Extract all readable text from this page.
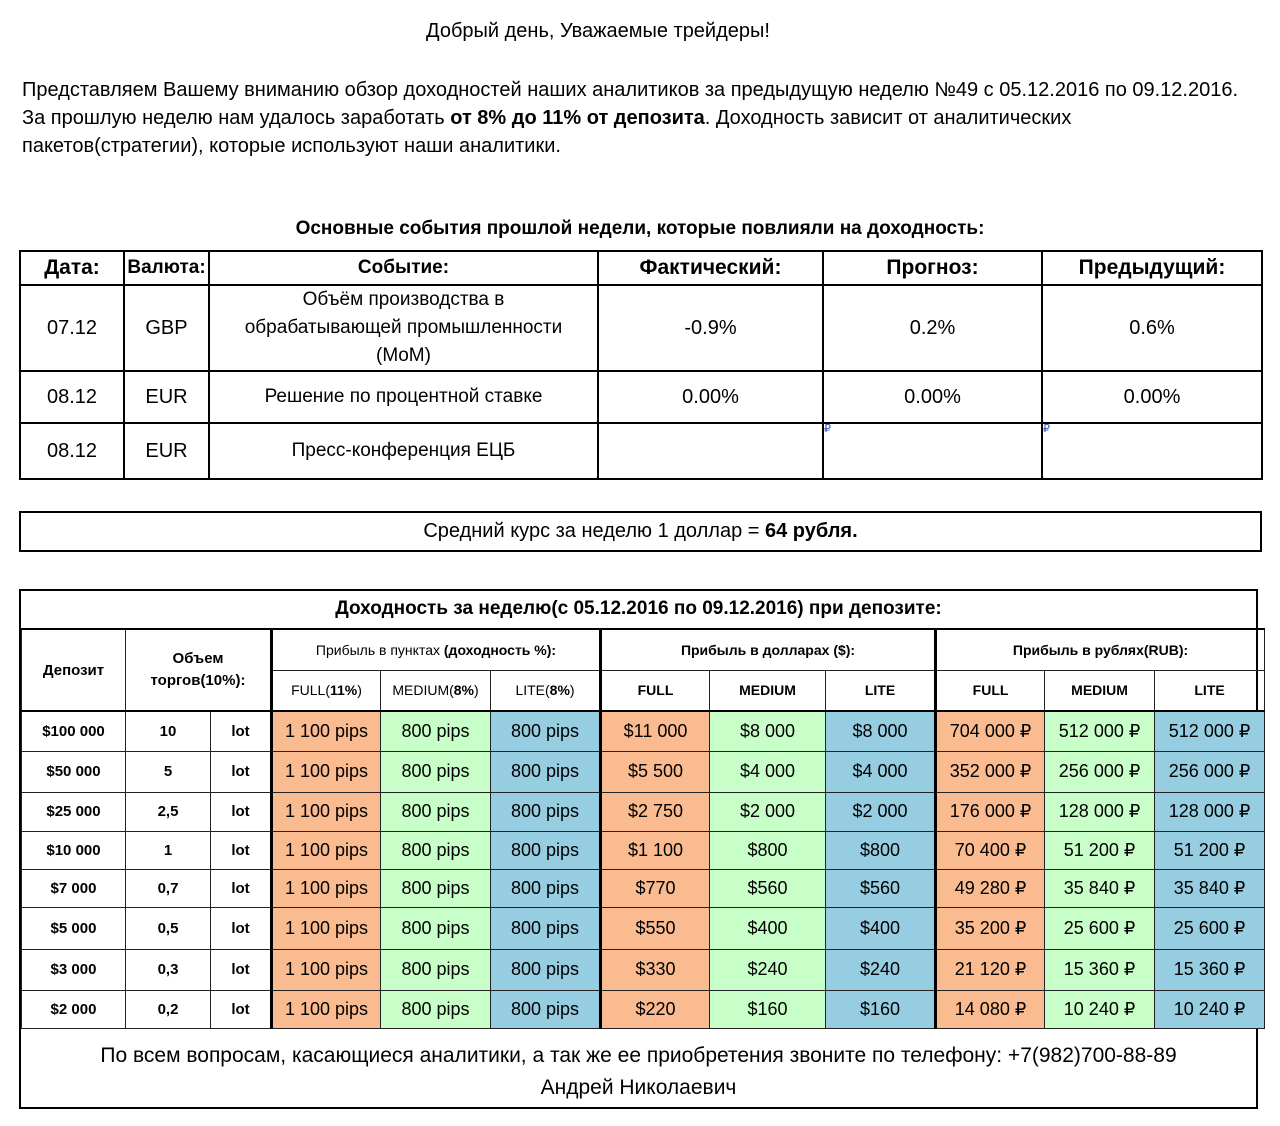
Добрый день, Уважаемые трейдеры!
Представляем Вашему вниманию обзор доходностей наших аналитиков за предыдущую неделю №49 с 05.12.2016 по 09.12.2016. За прошлую неделю нам удалось заработать от 8% до 11% от депозита. Доходность зависит от аналитических пакетов(стратегии), которые используют наши аналитики.
Основные события прошлой недели, которые повлияли на доходность:
Дата:	Валюта:	Событие:	Фактический:	Прогноз:	Предыдущий:
07.12	GBP	Объём производства в обрабатывающей промышленности (MoM)	-0.9%	0.2%	0.6%
08.12	EUR	Решение по процентной ставке	0.00%	0.00%	0.00%
08.12	EUR	Пресс-конференция ЕЦБ		₽	₽
Средний курс за неделю 1 доллар = 64 рубля.
Доходность за неделю(с 05.12.2016 по 09.12.2016) при депозите:
Депозит	Объем торгов(10%):		Прибыль в пунктах (доходность %):			Прибыль в долларах ($):			Прибыль в рублях(RUB):		
			FULL(11%)	MEDIUM(8%)	LITE(8%)	FULL	MEDIUM	LITE	FULL	MEDIUM	LITE
$100 000	10	lot	1 100 pips	800 pips	800 pips	$11 000	$8 000	$8 000	704 000 ₽	512 000 ₽	512 000 ₽
$50 000	5	lot	1 100 pips	800 pips	800 pips	$5 500	$4 000	$4 000	352 000 ₽	256 000 ₽	256 000 ₽
$25 000	2,5	lot	1 100 pips	800 pips	800 pips	$2 750	$2 000	$2 000	176 000 ₽	128 000 ₽	128 000 ₽
$10 000	1	lot	1 100 pips	800 pips	800 pips	$1 100	$800	$800	70 400 ₽	51 200 ₽	51 200 ₽
$7 000	0,7	lot	1 100 pips	800 pips	800 pips	$770	$560	$560	49 280 ₽	35 840 ₽	35 840 ₽
$5 000	0,5	lot	1 100 pips	800 pips	800 pips	$550	$400	$400	35 200 ₽	25 600 ₽	25 600 ₽
$3 000	0,3	lot	1 100 pips	800 pips	800 pips	$330	$240	$240	21 120 ₽	15 360 ₽	15 360 ₽
$2 000	0,2	lot	1 100 pips	800 pips	800 pips	$220	$160	$160	14 080 ₽	10 240 ₽	10 240 ₽
По всем вопросам, касающиеся аналитики, а так же ее приобретения звоните по телефону: +7(982)700-88-89
Андрей Николаевич
